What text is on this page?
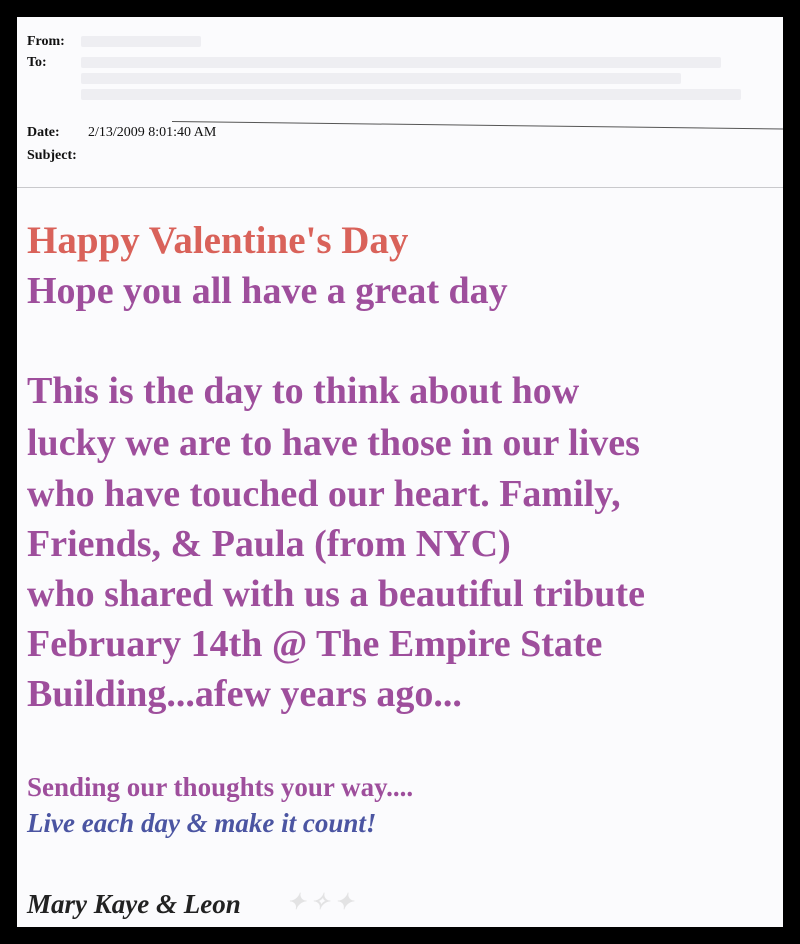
From:
To:
Date: 2/13/2009 8:01:40 AM
Subject:
Happy Valentine's Day
Hope you all have a great day
This is the day to think about how
lucky we are to have those in our lives
who have touched our heart. Family,
Friends, & Paula (from NYC)
who shared with us a beautiful tribute
February 14th @ The Empire State
Building...afew years ago...
Sending our thoughts your way....
Live each day & make it count!
Mary Kaye & Leon ✦ ✧ ✦
